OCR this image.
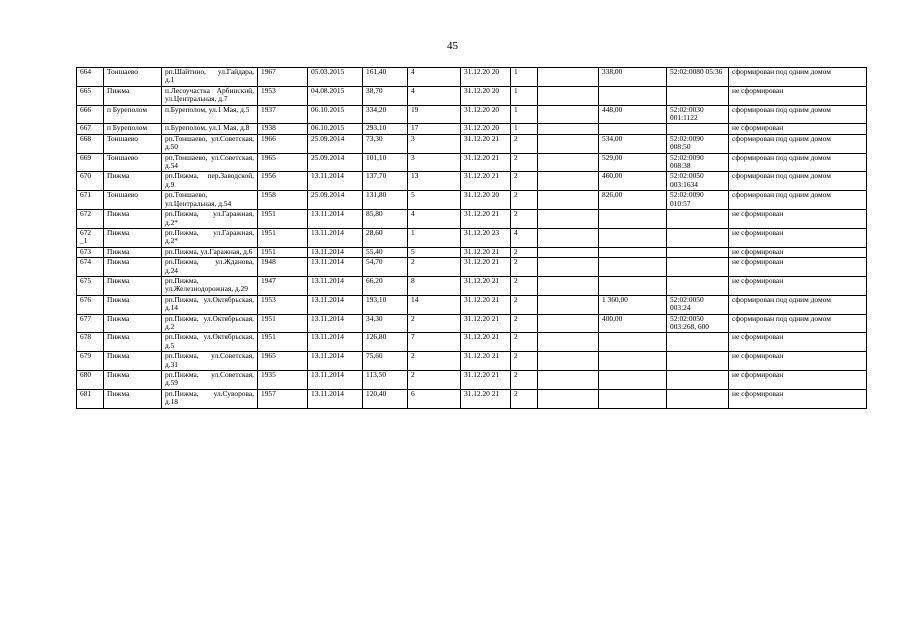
45
664	Тоншаево	рп.Шайтино, ул.Гайдара, д.1	1967	05.03.2015	161,40	4	31.12.20 20	1		338,00	52:02:0080 05:36	сформирован под одним домом
665	Пижма	п.Лесоучастка Арбинский, ул.Центральная, д.7	1953	04.08.2015	38,70	4	31.12.20 20	1				не сформирован
666	п Буреполом	п.Буреполом, ул.1 Мая, д.5	1937	06.10.2015	334,20	19	31.12.20 20	1		448,00	52:02:0030 001:1122	сформирован под одним домом
667	п Буреполом	п.Буреполом, ул.1 Мая, д.8	1938	06.10.2015	293,10	17	31.12.20 20	1				не сформирован
668	Тоншаево	рп.Тоншаево, ул.Советская, д.50	1966	25.09.2014	73,30	3	31.12.20 21	2		534,00	52:02:0090 008:50	сформирован под одним домом
669	Тоншаево	рп.Тоншаево, ул.Советская, д.54	1965	25.09.2014	101,10	3	31.12.20 21	2		529,00	52:02:0090 008:38	сформирован под одним домом
670	Пижма	рп.Пижма, пер.Заводской, д.9	1956	13.11.2014	137,70	13	31.12.20 21	2		460,00	52:02:0050 003:1634	сформирован под одним домом
671	Тоншаево	рп.Тоншаево, ул.Центральная, д.54	1958	25.09.2014	131,80	5	31.12.20 20	2		826,00	52:02:0090 010:57	сформирован под одним домом
672	Пижма	рп.Пижма, ул.Гаражная, д.2*	1951	13.11.2014	85,80	4	31.12.20 21	2				не сформирован
672 _1	Пижма	рп.Пижма, ул.Гаражная, д.2*	1951	13.11.2014	28,60	1	31.12.20 23	4				не сформирован
673	Пижма	рп.Пижма, ул.Гаражная, д.6	1951	13.11.2014	55,40	5	31.12.20 21	2				не сформирован
674	Пижма	рп.Пижма, ул.Жданова, д.24	1948	13.11.2014	54,70	2	31.12.20 21	2				не сформирован
675	Пижма	рп.Пижма, ул.Железнодорожная, д.29	1947	13.11.2014	66,20	8	31.12.20 21	2				не сформирован
676	Пижма	рп.Пижма, ул.Октябрьская, д.14	1953	13.11.2014	193,10	14	31.12.20 21	2		1 360,00	52:02:0050 003:24	сформирован под одним домом
677	Пижма	рп.Пижма, ул.Октябрьская, д.2	1951	13.11.2014	34,30	2	31.12.20 21	2		400,00	52:02:0050 003:268, 600	сформирован под одним домом
678	Пижма	рп.Пижма, ул.Октябрьская, д.5	1951	13.11.2014	126,80	7	31.12.20 21	2				не сформирован
679	Пижма	рп.Пижма, ул.Советская, д.31	1965	13.11.2014	75,60	2	31.12.20 21	2				не сформирован
680	Пижма	рп.Пижма, ул.Советская, д.59	1935	13.11.2014	113,50	2	31.12.20 21	2				не сформирован
681	Пижма	рп.Пижма, ул.Суворова, д.18	1957	13.11.2014	120,40	6	31.12.20 21	2				не сформирован
